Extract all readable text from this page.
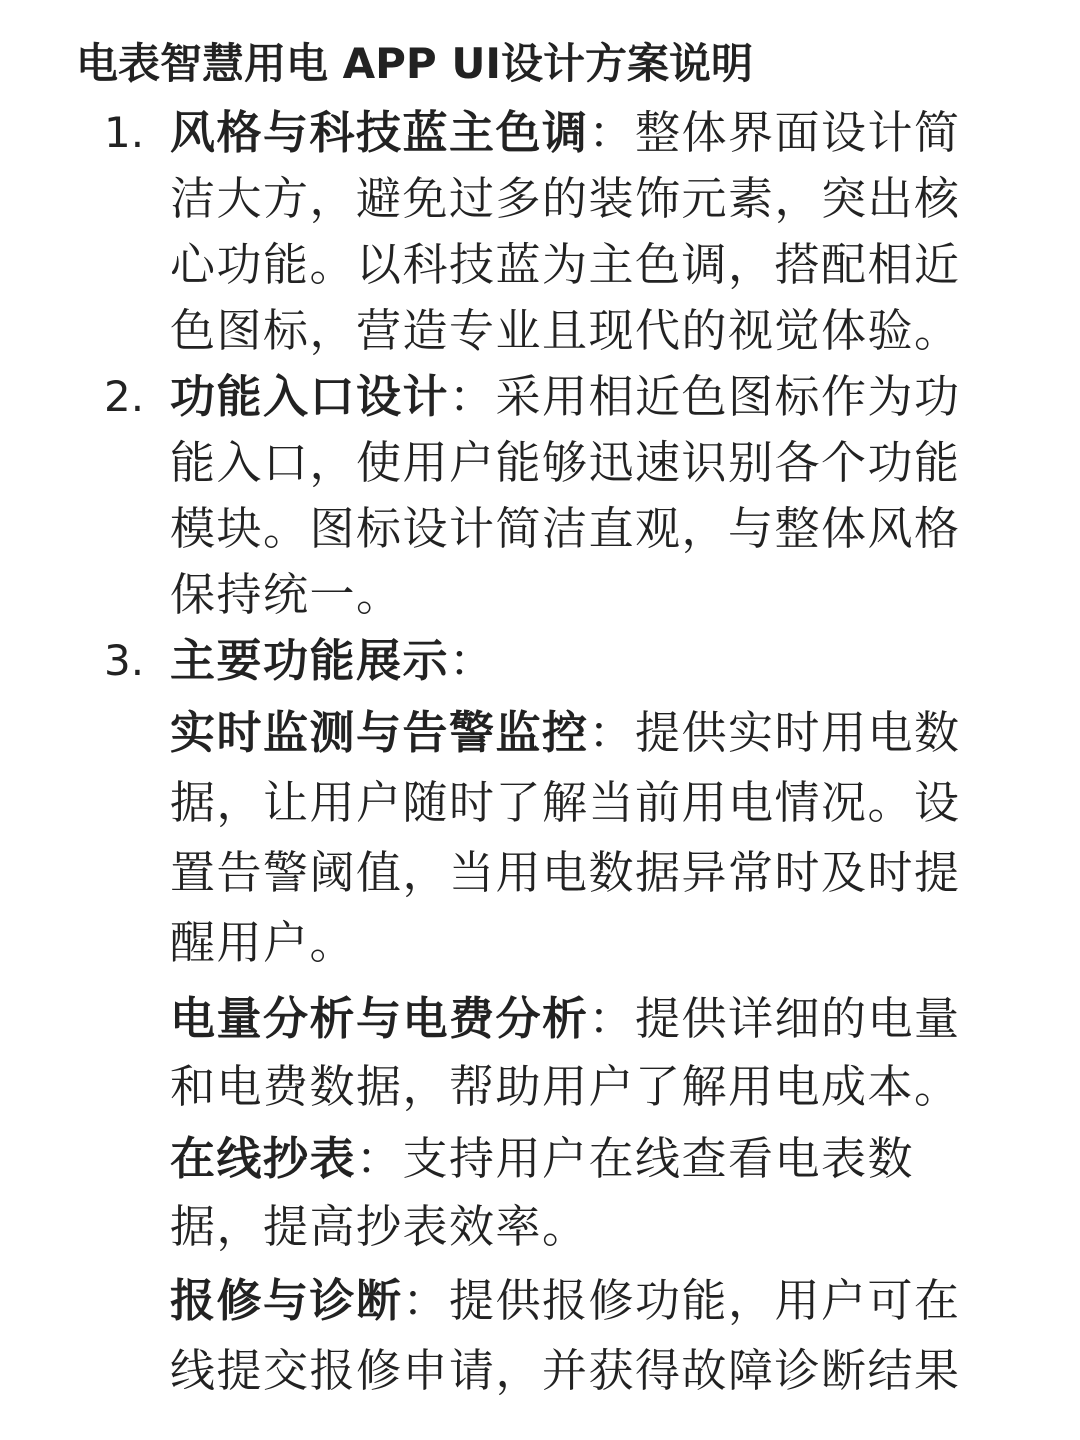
电表智慧用电 APP UI设计方案说明
1. 风格与科技蓝主色调：整体界面设计简
洁大方，避免过多的装饰元素，突出核
心功能。以科技蓝为主色调，搭配相近
色图标，营造专业且现代的视觉体验。
2. 功能入口设计：采用相近色图标作为功
能入口，使用户能够迅速识别各个功能
模块。图标设计简洁直观，与整体风格
保持统一。
3. 主要功能展示：
实时监测与告警监控：提供实时用电数
据，让用户随时了解当前用电情况。设
置告警阈值，当用电数据异常时及时提
醒用户。
电量分析与电费分析：提供详细的电量
和电费数据，帮助用户了解用电成本。
在线抄表：支持用户在线查看电表数
据，提高抄表效率。
报修与诊断：提供报修功能，用户可在
线提交报修申请，并获得故障诊断结果
